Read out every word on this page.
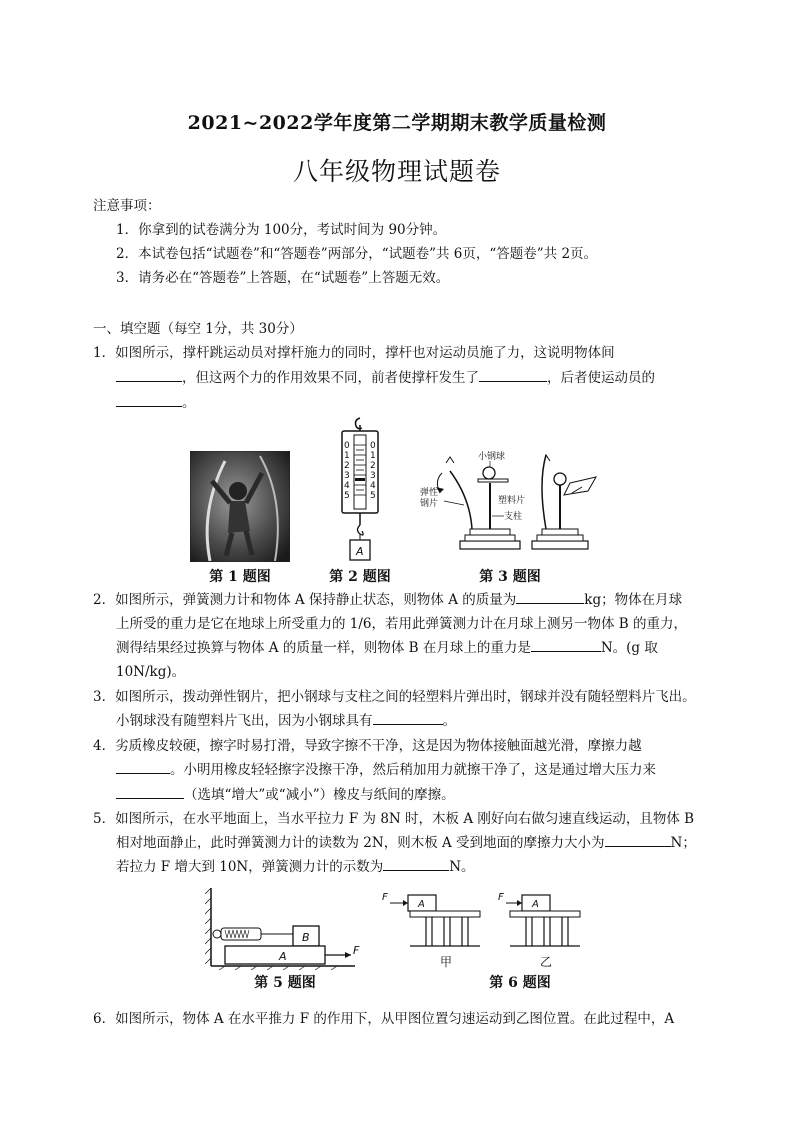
2021~2022学年度第二学期期末教学质量检测
八年级物理试题卷
注意事项：
1．你拿到的试卷满分为 100分，考试时间为 90分钟。
2．本试卷包括“试题卷”和“答题卷”两部分，“试题卷”共 6页，“答题卷”共 2页。
3．请务必在“答题卷”上答题，在“试题卷”上答题无效。
一、填空题（每空 1分，共 30分）
1．如图所示，撑杆跳运动员对撑杆施力的同时，撑杆也对运动员施了力，这说明物体间
，但这两个力的作用效果不同，前者使撑杆发生了	，后者使运动员的
。
第 1 题图
0 0
1 1
2 2
3 3
4 4
5 5
A
第 2 题图
小钢球
弹性
钢片	塑料片
支柱
第 3 题图
2．如图所示，弹簧测力计和物体 A 保持静止状态，则物体 A 的质量为	kg；物体在月球
上所受的重力是它在地球上所受重力的 1/6，若用此弹簧测力计在月球上测另一物体 B 的重力，
测得结果经过换算与物体 A 的质量一样，则物体 B 在月球上的重力是	N。(g 取
10N/kg)。
3．如图所示，拨动弹性钢片，把小钢球与支柱之间的轻塑料片弹出时，钢球并没有随轻塑料片飞出。
小钢球没有随塑料片飞出，因为小钢球具有	。
4．劣质橡皮较硬，擦字时易打滑，导致字擦不干净，这是因为物体接触面越光滑，摩擦力越
。小明用橡皮轻轻擦字没擦干净，然后稍加用力就擦干净了，这是通过增大压力来
（选填“增大”或“减小”）橡皮与纸间的摩擦。
5．如图所示，在水平地面上，当水平拉力 F 为 8N 时，木板 A 刚好向右做匀速直线运动，且物体 B
相对地面静止，此时弹簧测力计的读数为 2N，则木板 A 受到地面的摩擦力大小为	N；
若拉力 F 增大到 10N，弹簧测力计的示数为	N。
B
A	F
第 5 题图
F
A
甲
F
A
乙
第 6 题图
6．如图所示，物体 A 在水平推力 F 的作用下，从甲图位置匀速运动到乙图位置。在此过程中，A
